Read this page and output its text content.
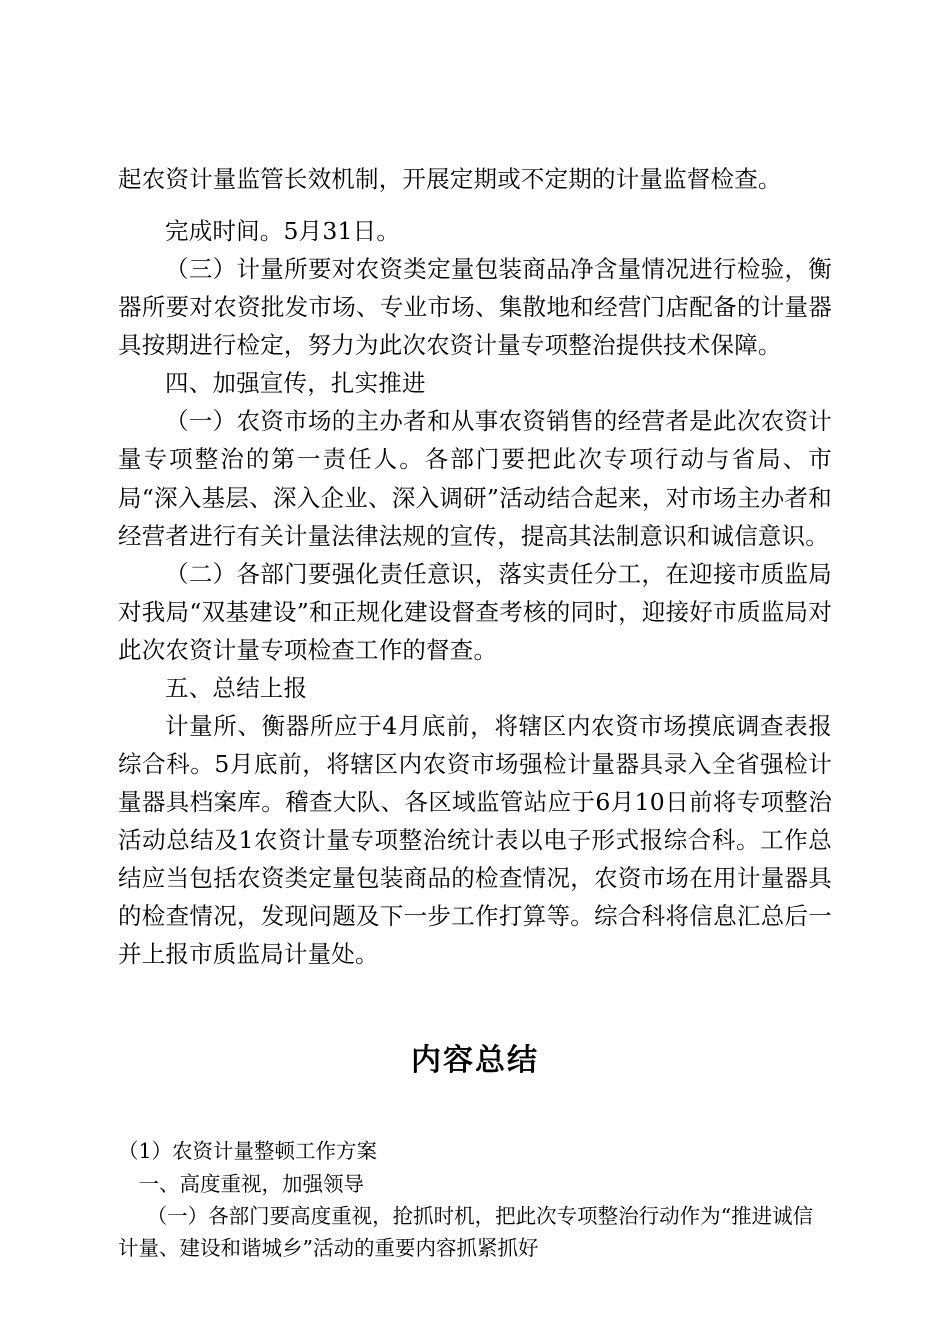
起农资计量监管长效机制，开展定期或不定期的计量监督检查。

完成时间。5月31日。

（三）计量所要对农资类定量包装商品净含量情况进行检验，衡器所要对农资批发市场、专业市场、集散地和经营门店配备的计量器具按期进行检定，努力为此次农资计量专项整治提供技术保障。

四、加强宣传，扎实推进

（一）农资市场的主办者和从事农资销售的经营者是此次农资计量专项整治的第一责任人。各部门要把此次专项行动与省局、市局“深入基层、深入企业、深入调研”活动结合起来，对市场主办者和经营者进行有关计量法律法规的宣传，提高其法制意识和诚信意识。

（二）各部门要强化责任意识，落实责任分工，在迎接市质监局对我局“双基建设”和正规化建设督查考核的同时，迎接好市质监局对此次农资计量专项检查工作的督查。

五、总结上报

计量所、衡器所应于4月底前，将辖区内农资市场摸底调查表报综合科。5月底前，将辖区内农资市场强检计量器具录入全省强检计量器具档案库。稽查大队、各区域监管站应于6月10日前将专项整治活动总结及1农资计量专项整治统计表以电子形式报综合科。工作总结应当包括农资类定量包装商品的检查情况，农资市场在用计量器具的检查情况，发现问题及下一步工作打算等。综合科将信息汇总后一并上报市质监局计量处。

内容总结

（1）农资计量整顿工作方案

一、高度重视，加强领导

（一）各部门要高度重视，抢抓时机，把此次专项整治行动作为“推进诚信

计量、建设和谐城乡”活动的重要内容抓紧抓好
